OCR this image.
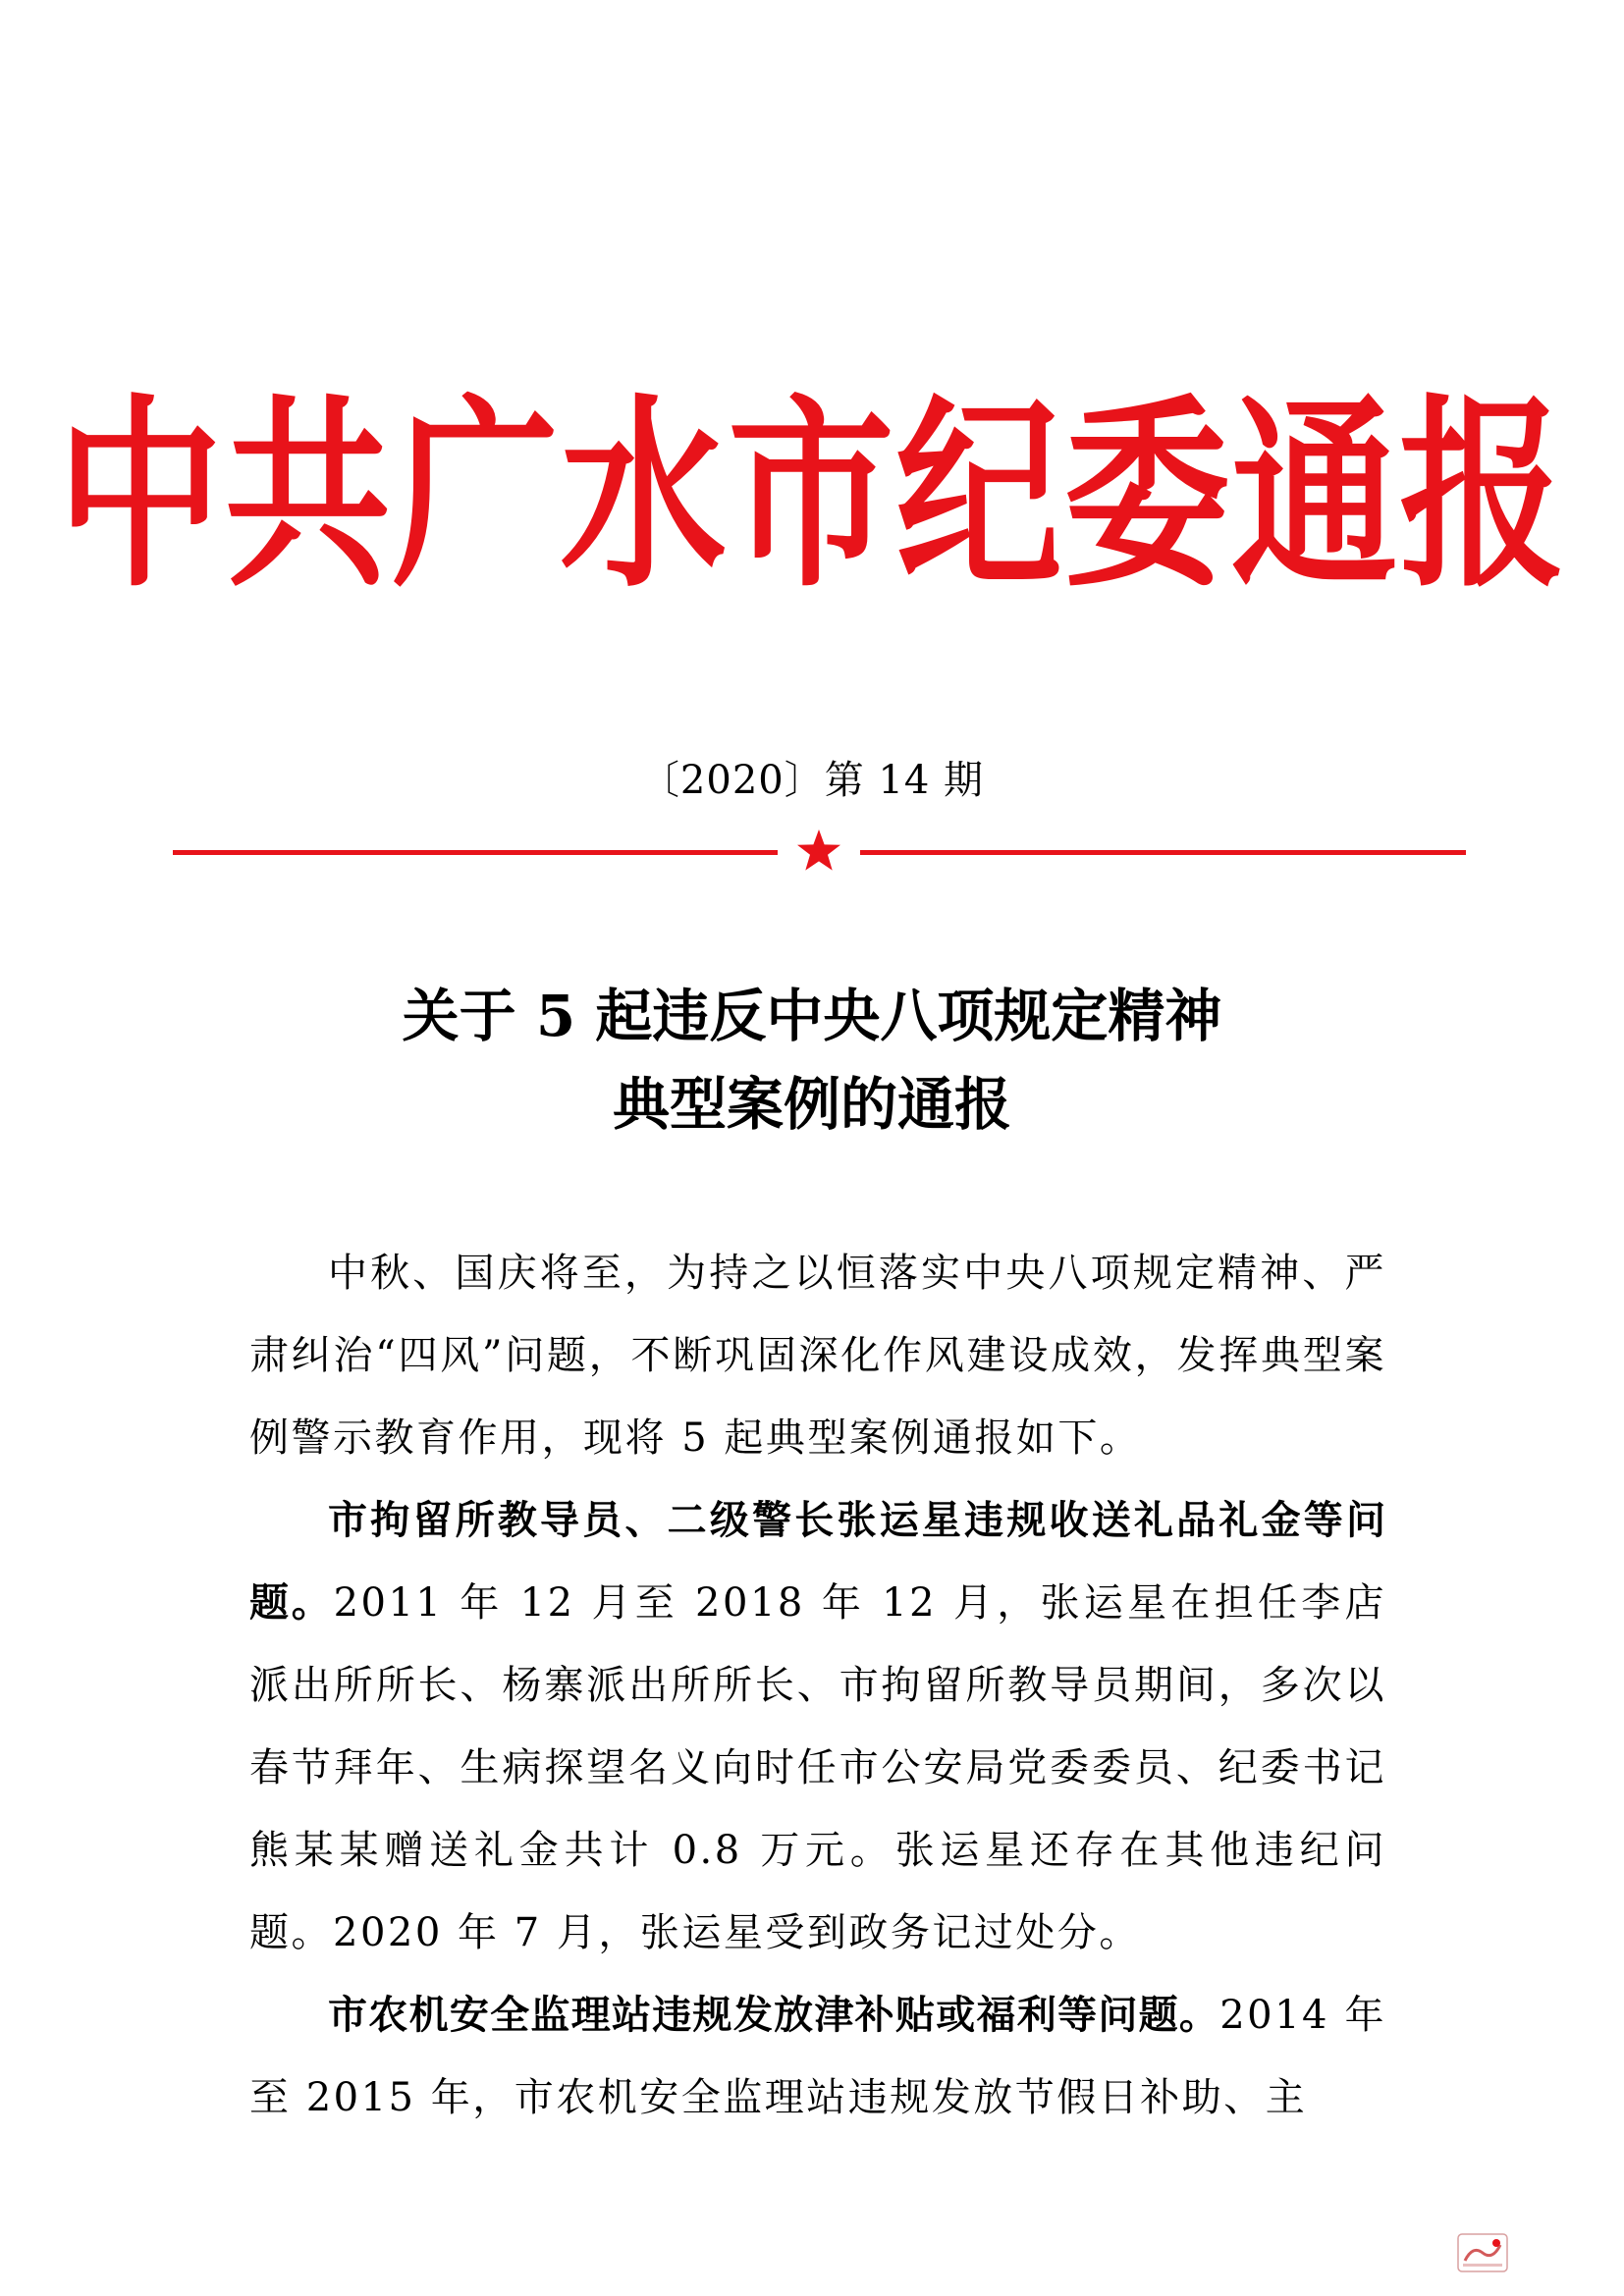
中共广水市纪委通报
〔2020〕第 14 期
关于 5 起违反中央八项规定精神
典型案例的通报

中秋、国庆将至，为持之以恒落实中央八项规定精神、严肃纠治“四风”问题，不断巩固深化作风建设成效，发挥典型案例警示教育作用，现将 5 起典型案例通报如下。

市拘留所教导员、二级警长张运星违规收送礼品礼金等问题。2011 年 12 月至 2018 年 12 月，张运星在担任李店派出所所长、杨寨派出所所长、市拘留所教导员期间，多次以春节拜年、生病探望名义向时任市公安局党委委员、纪委书记熊某某赠送礼金共计 0.8 万元。张运星还存在其他违纪问题。2020 年 7 月，张运星受到政务记过处分。

市农机安全监理站违规发放津补贴或福利等问题。2014 年至 2015 年，市农机安全监理站违规发放节假日补助、主
